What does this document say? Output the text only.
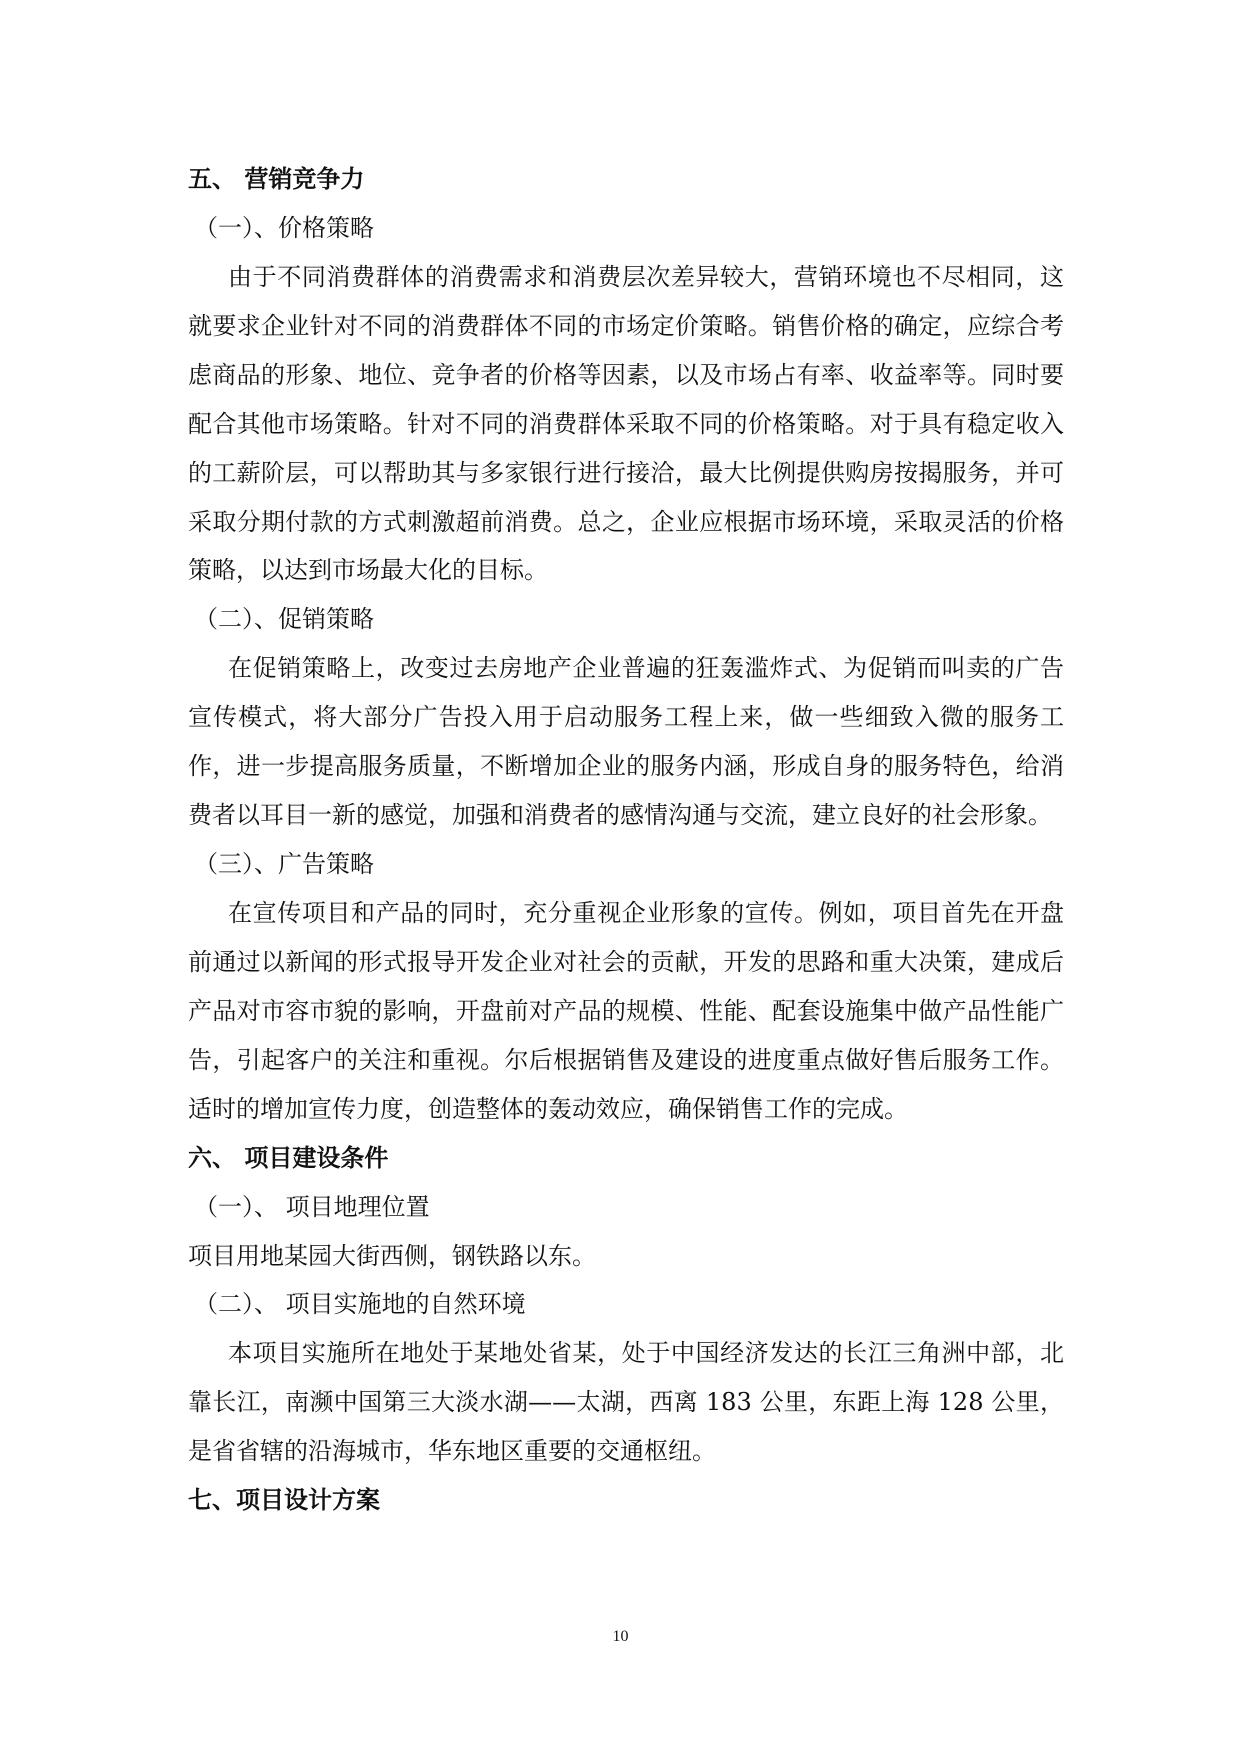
五、 营销竞争力
（一）、价格策略

由于不同消费群体的消费需求和消费层次差异较大，营销环境也不尽相同，这就要求企业针对不同的消费群体不同的市场定价策略。销售价格的确定，应综合考虑商品的形象、地位、竞争者的价格等因素，以及市场占有率、收益率等。同时要配合其他市场策略。针对不同的消费群体采取不同的价格策略。对于具有稳定收入的工薪阶层，可以帮助其与多家银行进行接洽，最大比例提供购房按揭服务，并可采取分期付款的方式刺激超前消费。总之，企业应根据市场环境，采取灵活的价格策略，以达到市场最大化的目标。

（二）、促销策略

在促销策略上，改变过去房地产企业普遍的狂轰滥炸式、为促销而叫卖的广告宣传模式，将大部分广告投入用于启动服务工程上来，做一些细致入微的服务工作，进一步提高服务质量，不断增加企业的服务内涵，形成自身的服务特色，给消费者以耳目一新的感觉，加强和消费者的感情沟通与交流，建立良好的社会形象。

（三）、广告策略

在宣传项目和产品的同时，充分重视企业形象的宣传。例如，项目首先在开盘前通过以新闻的形式报导开发企业对社会的贡献，开发的思路和重大决策，建成后产品对市容市貌的影响，开盘前对产品的规模、性能、配套设施集中做产品性能广告，引起客户的关注和重视。尔后根据销售及建设的进度重点做好售后服务工作。适时的增加宣传力度，创造整体的轰动效应，确保销售工作的完成。

六、 项目建设条件
（一）、 项目地理位置

项目用地某园大街西侧，钢铁路以东。

（二）、 项目实施地的自然环境

本项目实施所在地处于某地处省某，处于中国经济发达的长江三角洲中部，北靠长江，南濒中国第三大淡水湖——太湖，西离 183 公里，东距上海 128 公里，是省省辖的沿海城市，华东地区重要的交通枢纽。

七、项目设计方案
10
